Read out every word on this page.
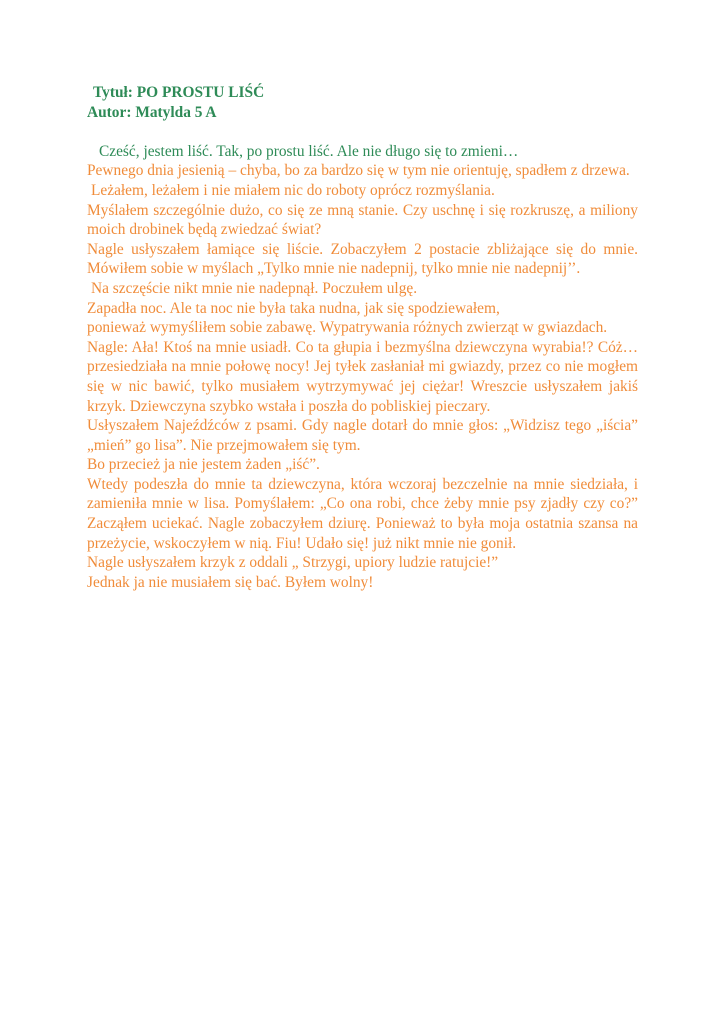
Tytuł: PO PROSTU LIŚĆ
Autor: Matylda 5 A

Cześć, jestem liść. Tak, po prostu liść. Ale nie długo się to zmieni…

Pewnego dnia jesienią – chyba, bo za bardzo się w tym nie orientuję, spadłem z drzewa.

Leżałem, leżałem i nie miałem nic do roboty oprócz rozmyślania.

Myślałem szczególnie dużo, co się ze mną stanie. Czy uschnę i się rozkruszę, a miliony moich drobinek będą zwiedzać świat?

Nagle usłyszałem łamiące się liście. Zobaczyłem 2 postacie zbliżające się do mnie. Mówiłem sobie w myślach „Tylko mnie nie nadepnij, tylko mnie nie nadepnij’’.

Na szczęście nikt mnie nie nadepnął. Poczułem ulgę.

Zapadła noc. Ale ta noc nie była taka nudna, jak się spodziewałem,

ponieważ wymyśliłem sobie zabawę. Wypatrywania różnych zwierząt w gwiazdach.

Nagle: Ała! Ktoś na mnie usiadł. Co ta głupia i bezmyślna dziewczyna wyrabia!? Cóż… przesiedziała na mnie połowę nocy! Jej tyłek zasłaniał mi gwiazdy, przez co nie mogłem się w nic bawić, tylko musiałem wytrzymywać jej ciężar! Wreszcie usłyszałem jakiś krzyk. Dziewczyna szybko wstała i poszła do pobliskiej pieczary.

Usłyszałem Najeźdźców z psami. Gdy nagle dotarł do mnie głos: „Widzisz tego „iścia” „mień” go lisa”. Nie przejmowałem się tym.

Bo przecież ja nie jestem żaden „iść”.

Wtedy podeszła do mnie ta dziewczyna, która wczoraj bezczelnie na mnie siedziała, i zamieniła mnie w lisa. Pomyślałem: „Co ona robi, chce żeby mnie psy zjadły czy co?” Zacząłem uciekać. Nagle zobaczyłem dziurę. Ponieważ to była moja ostatnia szansa na przeżycie, wskoczyłem w nią. Fiu! Udało się! już nikt mnie nie gonił.

Nagle usłyszałem krzyk z oddali „ Strzygi, upiory ludzie ratujcie!”

Jednak ja nie musiałem się bać. Byłem wolny!
